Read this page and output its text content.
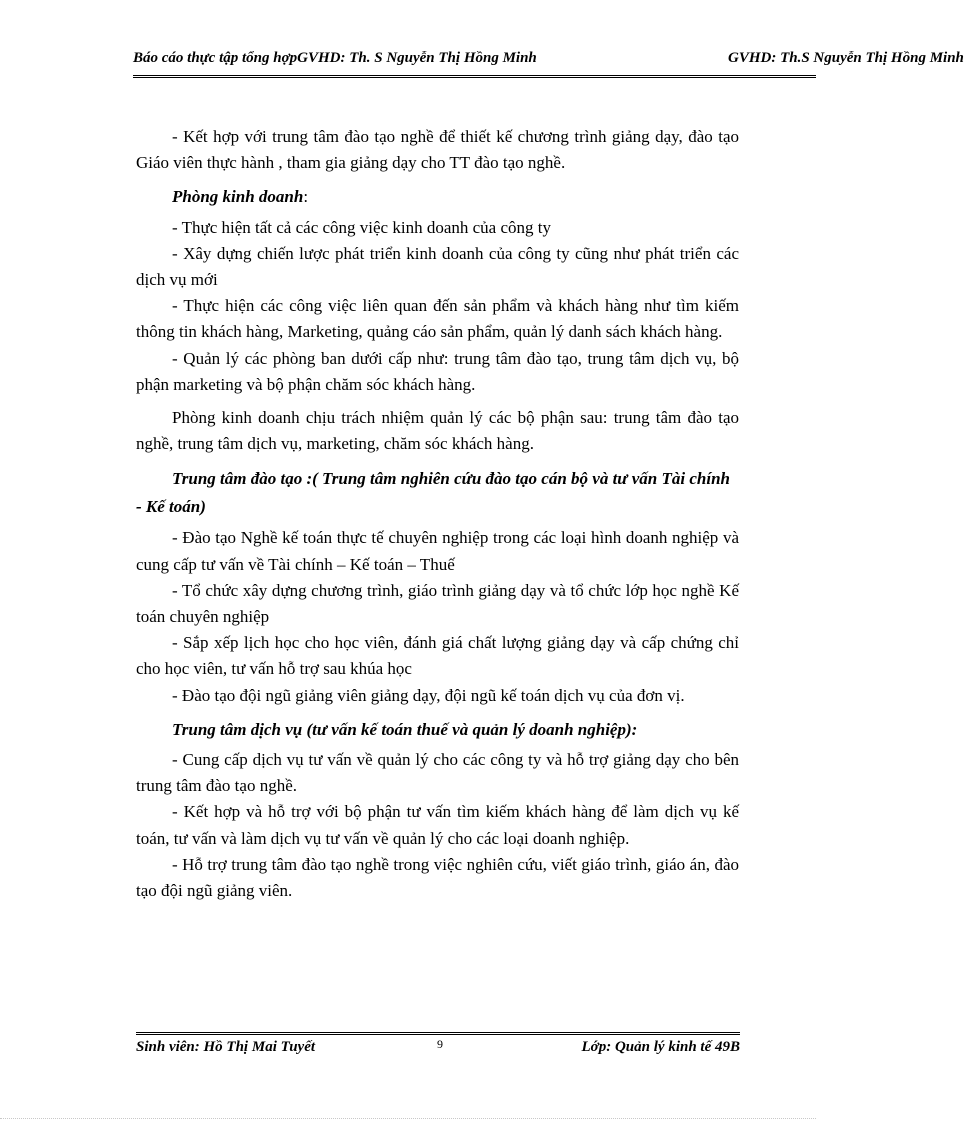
Báo cáo thực tập tổng hợpGVHD: Th. S Nguyễn Thị Hồng Minh	GVHD: Th.S Nguyễn Thị Hồng Minh

- Kết hợp với trung tâm đào tạo nghề để thiết kế chương trình giảng dạy, đào tạo Giáo viên thực hành , tham gia giảng dạy cho TT đào tạo nghề.

Phòng kinh doanh:

- Thực hiện tất cả các công việc kinh doanh của công ty

- Xây dựng chiến lược phát triển kinh doanh của công ty cũng như phát triển các dịch vụ mới

- Thực hiện các công việc liên quan đến sản phẩm và khách hàng như tìm kiếm thông tin khách hàng, Marketing, quảng cáo sản phẩm, quản lý danh sách khách hàng.

- Quản lý các phòng ban dưới cấp như: trung tâm đào tạo, trung tâm dịch vụ, bộ phận marketing và bộ phận chăm sóc khách hàng.

Phòng kinh doanh chịu trách nhiệm quản lý các bộ phận sau: trung tâm đào tạo nghề, trung tâm dịch vụ, marketing, chăm sóc khách hàng.

Trung tâm đào tạo :( Trung tâm nghiên cứu đào tạo cán bộ và tư vấn Tài chính - Kế toán)

- Đào tạo Nghề kế toán thực tế chuyên nghiệp trong các loại hình doanh nghiệp và cung cấp tư vấn về Tài chính – Kế toán – Thuế

- Tổ chức xây dựng chương trình, giáo trình giảng dạy và tổ chức lớp học nghề Kế toán chuyên nghiệp

- Sắp xếp lịch học cho học viên, đánh giá chất lượng giảng dạy và cấp chứng chỉ cho học viên, tư vấn hỗ trợ sau khúa học

- Đào tạo đội ngũ giảng viên giảng dạy, đội ngũ kế toán dịch vụ của đơn vị.

Trung tâm dịch vụ (tư vấn kế toán thuế và quản lý doanh nghiệp):

- Cung cấp dịch vụ tư vấn về quản lý cho các công ty và hỗ trợ giảng dạy cho bên trung tâm đào tạo nghề.

- Kết hợp và hỗ trợ với bộ phận tư vấn tìm kiếm khách hàng để làm dịch vụ kế toán, tư vấn và làm dịch vụ tư vấn về quản lý cho các loại doanh nghiệp.

- Hỗ trợ trung tâm đào tạo nghề trong việc nghiên cứu, viết giáo trình, giáo án, đào tạo đội ngũ giảng viên.

Sinh viên: Hồ Thị Mai Tuyết	9	Lớp: Quản lý kinh tế 49B
